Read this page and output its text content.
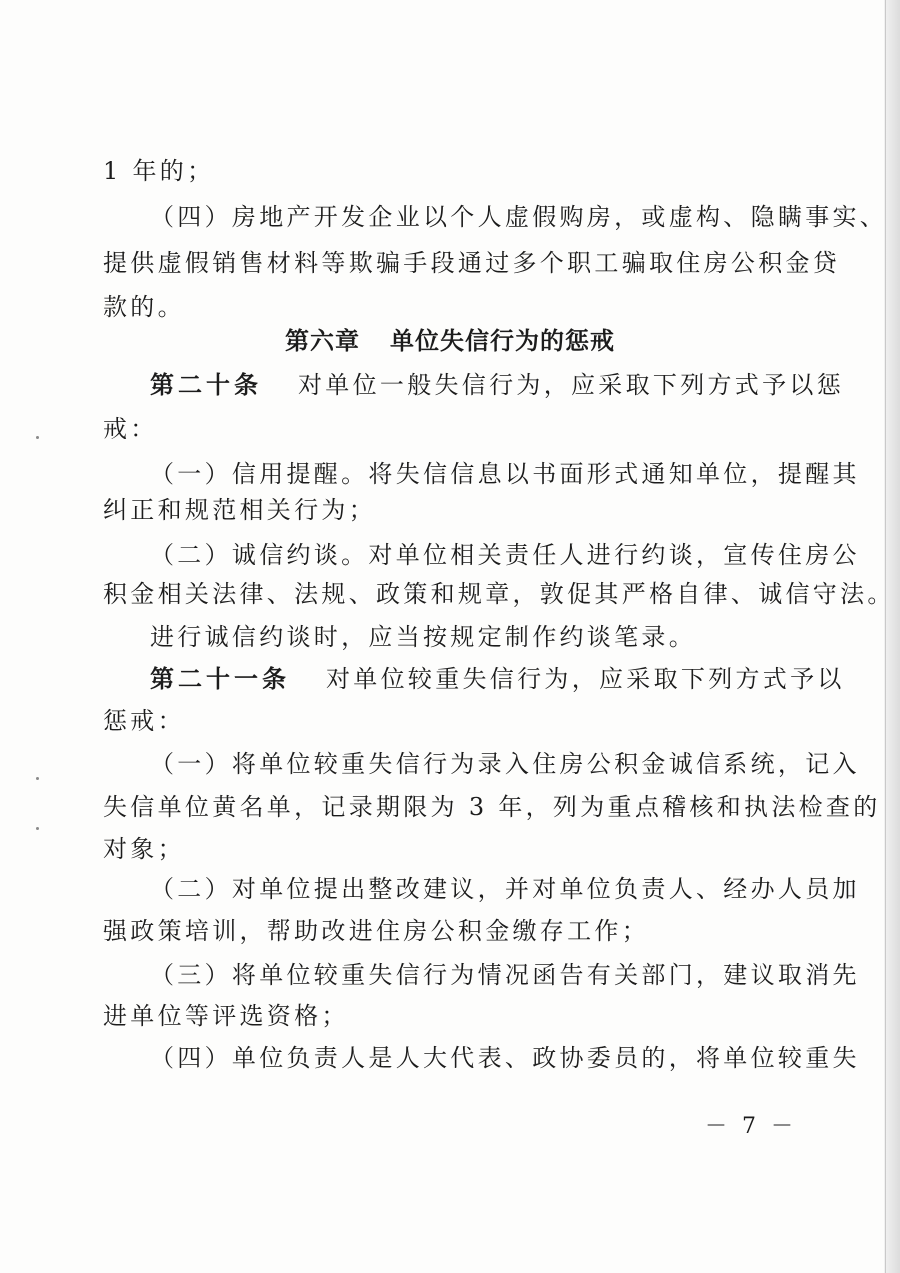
1 年的；
（四）房地产开发企业以个人虚假购房，或虚构、隐瞒事实、
提供虚假销售材料等欺骗手段通过多个职工骗取住房公积金贷
款的。
第六章 单位失信行为的惩戒
第二十条 对单位一般失信行为，应采取下列方式予以惩
戒：
（一）信用提醒。将失信信息以书面形式通知单位，提醒其
纠正和规范相关行为；
（二）诚信约谈。对单位相关责任人进行约谈，宣传住房公
积金相关法律、法规、政策和规章，敦促其严格自律、诚信守法。
进行诚信约谈时，应当按规定制作约谈笔录。
第二十一条 对单位较重失信行为，应采取下列方式予以
惩戒：
（一）将单位较重失信行为录入住房公积金诚信系统，记入
失信单位黄名单，记录期限为 3 年，列为重点稽核和执法检查的
对象；
（二）对单位提出整改建议，并对单位负责人、经办人员加
强政策培训，帮助改进住房公积金缴存工作；
（三）将单位较重失信行为情况函告有关部门，建议取消先
进单位等评选资格；
（四）单位负责人是人大代表、政协委员的，将单位较重失
－ 7 －
